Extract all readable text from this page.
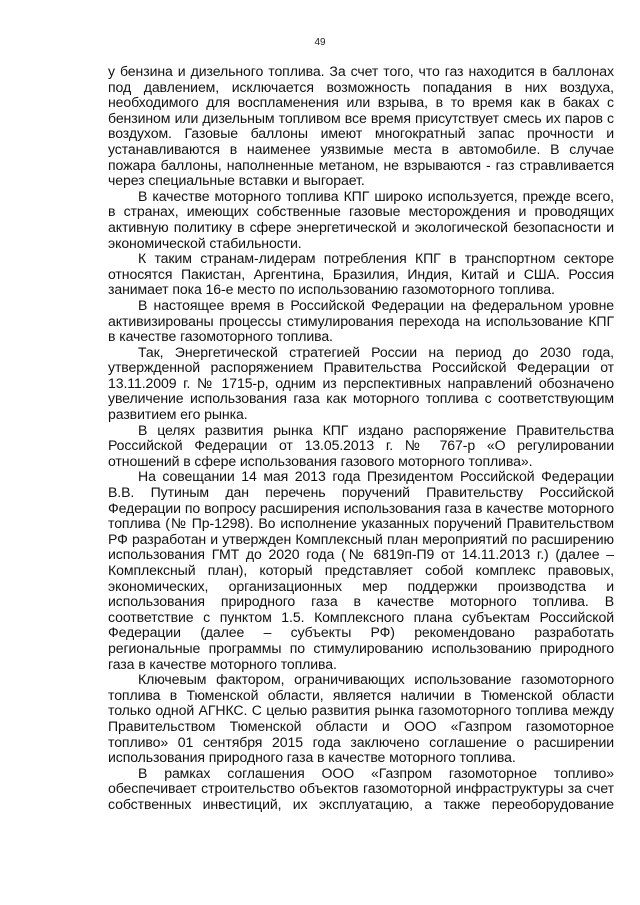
49

у бензина и дизельного топлива. За счет того, что газ находится в баллонах под давлением, исключается возможность попадания в них воздуха, необходимого для воспламенения или взрыва, в то время как в баках с бензином или дизельным топливом все время присутствует смесь их паров с воздухом. Газовые баллоны имеют многократный запас прочности и устанавливаются в наименее уязвимые места в автомобиле. В случае пожара баллоны, наполненные метаном, не взрываются - газ стравливается через специальные вставки и выгорает.

В качестве моторного топлива КПГ широко используется, прежде всего, в странах, имеющих собственные газовые месторождения и проводящих активную политику в сфере энергетической и экологической безопасности и экономической стабильности.

К таким странам-лидерам потребления КПГ в транспортном секторе относятся Пакистан, Аргентина, Бразилия, Индия, Китай и США. Россия занимает пока 16-е место по использованию газомоторного топлива.

В настоящее время в Российской Федерации на федеральном уровне активизированы процессы стимулирования перехода на использование КПГ в качестве газомоторного топлива.

Так, Энергетической стратегией России на период до 2030 года, утвержденной распоряжением Правительства Российской Федерации от 13.11.2009 г. № 1715-р, одним из перспективных направлений обозначено увеличение использования газа как моторного топлива с соответствующим развитием его рынка.

В целях развития рынка КПГ издано распоряжение Правительства Российской Федерации от 13.05.2013 г. № 767-р «О регулировании отношений в сфере использования газового моторного топлива».

На совещании 14 мая 2013 года Президентом Российской Федерации В.В. Путиным дан перечень поручений Правительству Российской Федерации по вопросу расширения использования газа в качестве моторного топлива (№ Пр-1298). Во исполнение указанных поручений Правительством РФ разработан и утвержден Комплексный план мероприятий по расширению использования ГМТ до 2020 года (№ 6819п-П9 от 14.11.2013 г.) (далее – Комплексный план), который представляет собой комплекс правовых, экономических, организационных мер поддержки производства и использования природного газа в качестве моторного топлива. В соответствие с пунктом 1.5. Комплексного плана субъектам Российской Федерации (далее – субъекты РФ) рекомендовано разработать региональные программы по стимулированию использованию природного газа в качестве моторного топлива.

Ключевым фактором, ограничивающих использование газомоторного топлива в Тюменской области, является наличии в Тюменской области только одной АГНКС. С целью развития рынка газомоторного топлива между Правительством Тюменской области и ООО «Газпром газомоторное топливо» 01 сентября 2015 года заключено соглашение о расширении использования природного газа в качестве моторного топлива.

В рамках соглашения ООО «Газпром газомоторное топливо» обеспечивает строительство объектов газомоторной инфраструктуры за счет собственных инвестиций, их эксплуатацию, а также переоборудование
